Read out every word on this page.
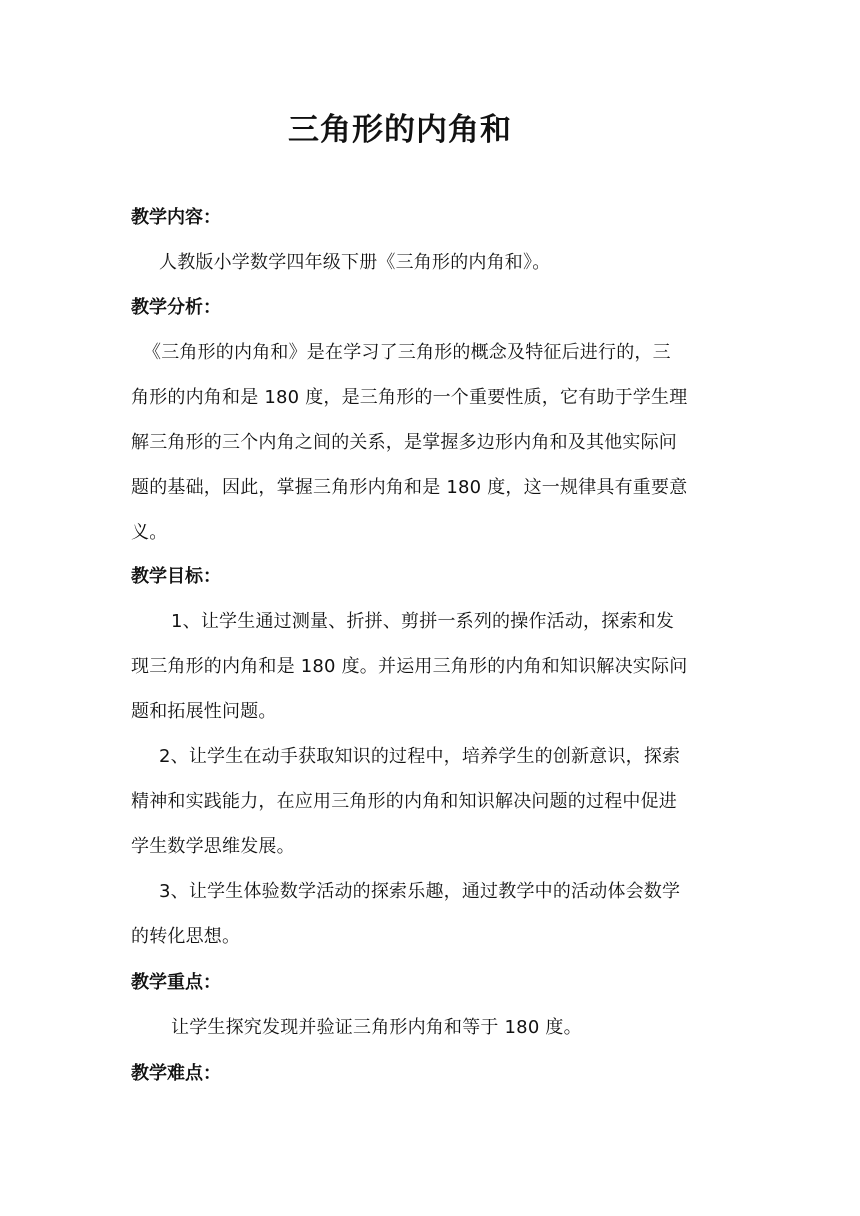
三角形的内角和
教学内容：
人教版小学数学四年级下册《三角形的内角和》。
教学分析：
《三角形的内角和》是在学习了三角形的概念及特征后进行的，三
角形的内角和是 180 度，是三角形的一个重要性质，它有助于学生理
解三角形的三个内角之间的关系，是掌握多边形内角和及其他实际问
题的基础，因此，掌握三角形内角和是 180 度，这一规律具有重要意
义。
教学目标：
1、让学生通过测量、折拼、剪拼一系列的操作活动，探索和发
现三角形的内角和是 180 度。并运用三角形的内角和知识解决实际问
题和拓展性问题。
2、让学生在动手获取知识的过程中，培养学生的创新意识，探索
精神和实践能力，在应用三角形的内角和知识解决问题的过程中促进
学生数学思维发展。
3、让学生体验数学活动的探索乐趣，通过教学中的活动体会数学
的转化思想。
教学重点：
让学生探究发现并验证三角形内角和等于 180 度。
教学难点：
